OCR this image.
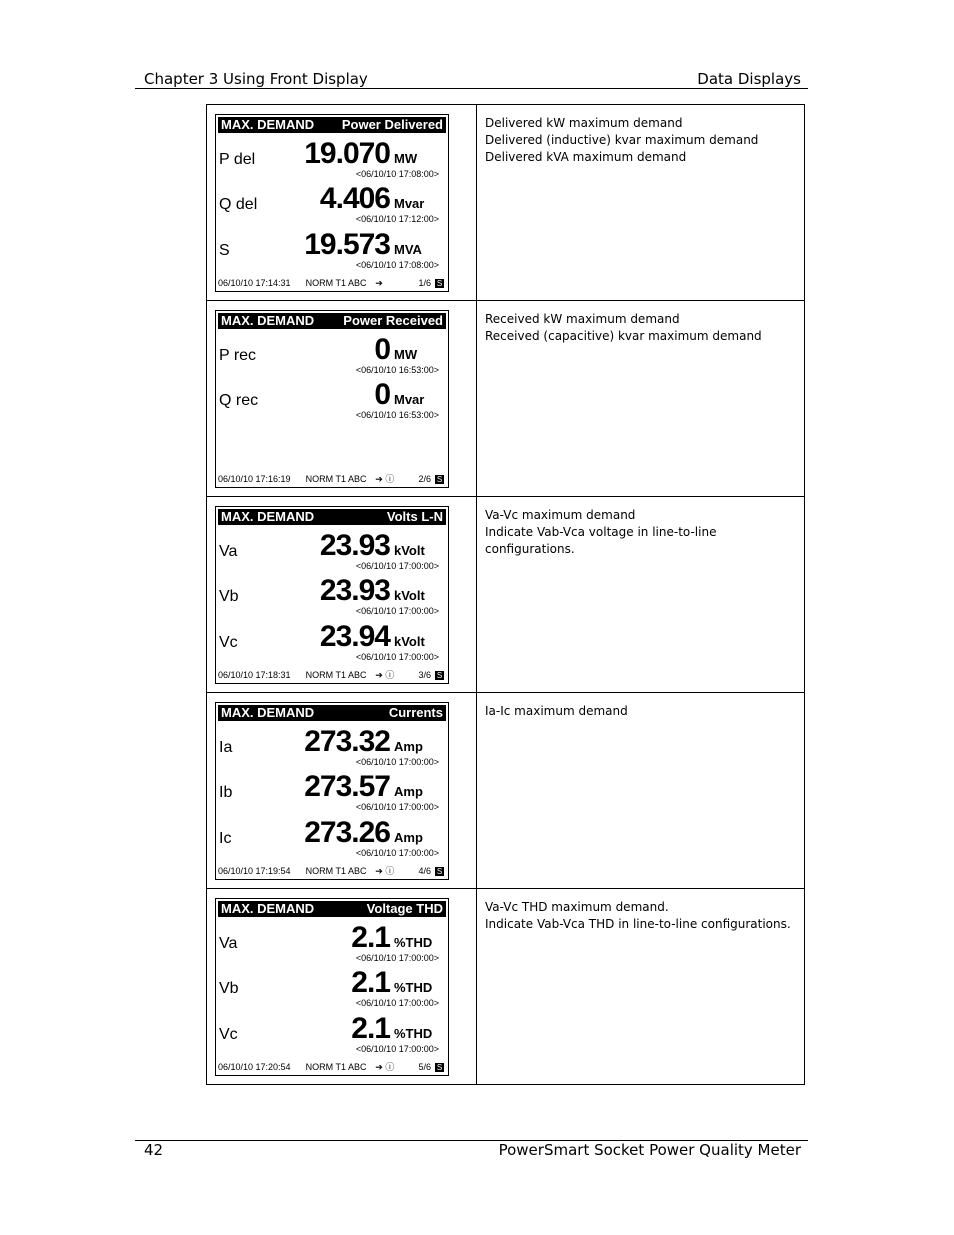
Chapter 3 Using Front Display	Data Displays
MAX. DEMAND Power Delivered
P del 19.070 MW
<06/10/10 17:08:00>
Q del 4.406 Mvar
<06/10/10 17:12:00>
S 19.573 MVA
<06/10/10 17:08:00>
06/10/10 17:14:31	NORM T1 ABC ➔	1/6 S
Delivered kW maximum demand
Delivered (inductive) kvar maximum demand
Delivered kVA maximum demand
MAX. DEMAND Power Received
P rec	0 MW
<06/10/10 16:53:00>
Q rec	0 Mvar
<06/10/10 16:53:00>
06/10/10 17:16:19	NORM T1 ABC ➔ ⓘ	2/6 S
Received kW maximum demand
Received (capacitive) kvar maximum demand
MAX. DEMAND	Volts L-N
Va	23.93 kVolt
<06/10/10 17:00:00>
Vb	23.93 kVolt
<06/10/10 17:00:00>
Vc	23.94 kVolt
<06/10/10 17:00:00>
06/10/10 17:18:31	NORM T1 ABC ➔ ⓘ	3/6 S
Va-Vc maximum demand
Indicate Vab-Vca voltage in line-to-line
configurations.
MAX. DEMAND	Currents
Ia 273.32 Amp
<06/10/10 17:00:00>
Ib 273.57 Amp
<06/10/10 17:00:00>
Ic 273.26 Amp
<06/10/10 17:00:00>
06/10/10 17:19:54	NORM T1 ABC ➔ ⓘ	4/6 S
Ia-Ic maximum demand
MAX. DEMAND	Voltage THD
Va	2.1 %THD
<06/10/10 17:00:00>
Vb	2.1 %THD
<06/10/10 17:00:00>
Vc	2.1 %THD
<06/10/10 17:00:00>
06/10/10 17:20:54	NORM T1 ABC ➔ ⓘ	5/6 S
Va-Vc THD maximum demand.
Indicate Vab-Vca THD in line-to-line configurations.
42	PowerSmart Socket Power Quality Meter
